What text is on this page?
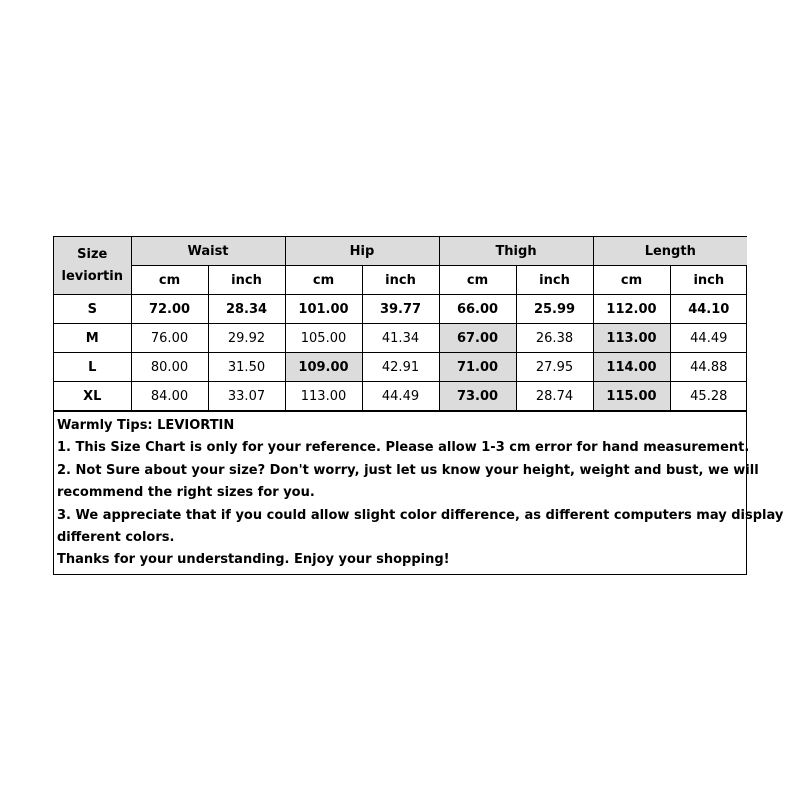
Size
leviortin	Waist		Hip		Thigh		Length	
	cm	inch	cm	inch	cm	inch	cm	inch
S	72.00	28.34	101.00	39.77	66.00	25.99	112.00	44.10
M	76.00	29.92	105.00	41.34	67.00	26.38	113.00	44.49
L	80.00	31.50	109.00	42.91	71.00	27.95	114.00	44.88
XL	84.00	33.07	113.00	44.49	73.00	28.74	115.00	45.28
Warmly Tips: LEVIORTIN
1. This Size Chart is only for your reference. Please allow 1-3 cm error for hand measurement.
2. Not Sure about your size? Don't worry, just let us know your height, weight and bust, we will
recommend the right sizes for you.
3. We appreciate that if you could allow slight color difference, as different computers may display
different colors.
Thanks for your understanding. Enjoy your shopping!
